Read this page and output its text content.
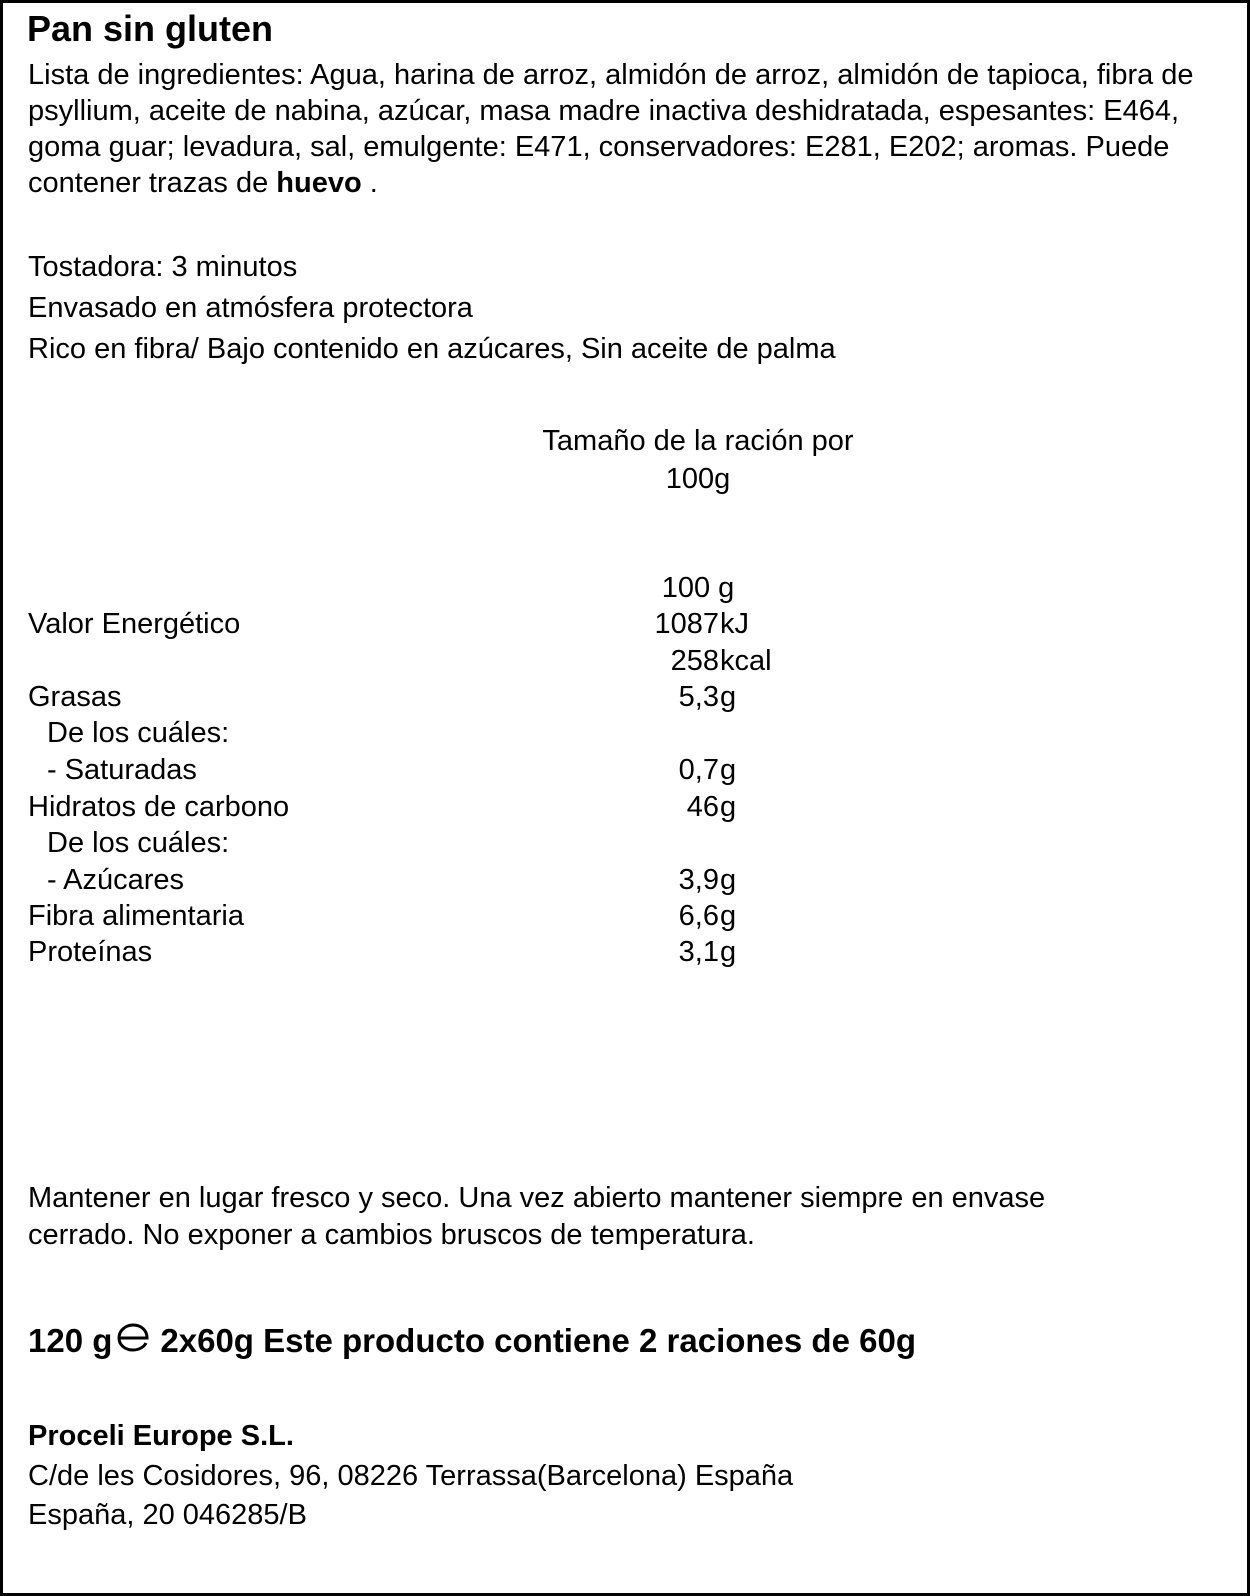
Pan sin gluten

Lista de ingredientes: Agua, harina de arroz, almidón de arroz, almidón de tapioca, fibra de psyllium, aceite de nabina, azúcar, masa madre inactiva deshidratada, espesantes: E464, goma guar; levadura, sal, emulgente: E471, conservadores: E281, E202; aromas. Puede contener trazas de huevo .

Tostadora: 3 minutos
Envasado en atmósfera protectora
Rico en fibra/ Bajo contenido en azúcares, Sin aceite de palma
Tamaño de la ración por
100g
100 g
Valor Energético	1087 kJ
258 kcal
Grasas	5,3 g
De los cuáles:
- Saturadas	0,7 g
Hidratos de carbono	46 g
De los cuáles:
- Azúcares	3,9 g
Fibra alimentaria	6,6 g
Proteínas	3,1 g
Mantener en lugar fresco y seco. Una vez abierto mantener siempre en envase
cerrado. No exponer a cambios bruscos de temperatura.
120 g 2x60g Este producto contiene 2 raciones de 60g
Proceli Europe S.L.
C/de les Cosidores, 96, 08226 Terrassa(Barcelona) España
España, 20 046285/B
